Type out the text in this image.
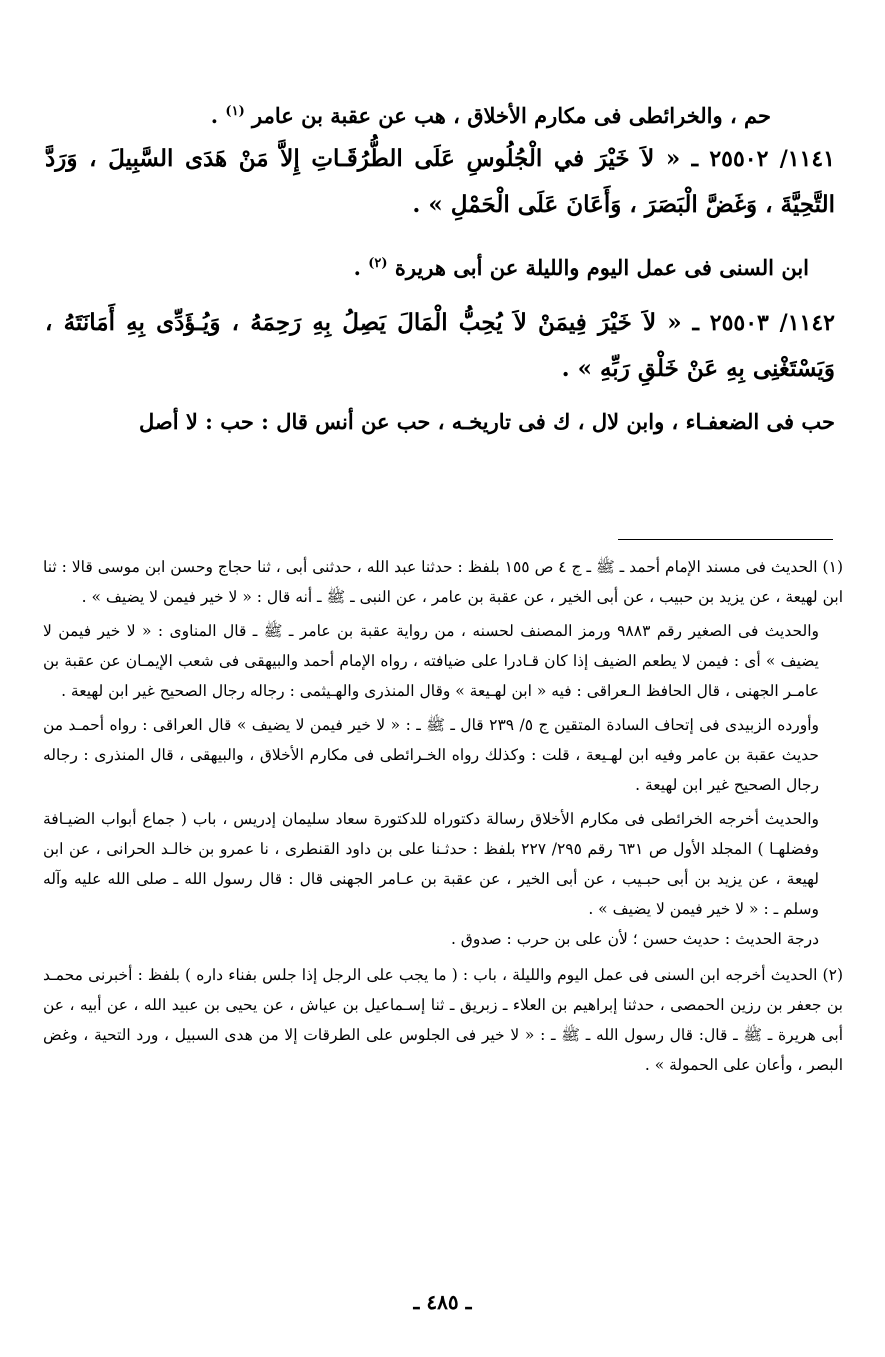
حم ، والخرائطى فى مكارم الأخلاق ، هب عن عقبة بن عامر $^{(١)}$ .

١١٤١/ ٢٥٥٠٢ ـ « لاَ خَيْرَ في الْجُلُوسِ عَلَى الطُّرُقَـاتِ إِلاَّ مَنْ هَدَى السَّبِيلَ ، وَرَدَّ التَّحِيَّةَ ، وَغَضَّ الْبَصَرَ ، وَأَعَانَ عَلَى الْحَمْلِ » .

ابن السنى فى عمل اليوم والليلة عن أبى هريرة $^{(٢)}$ .

١١٤٢/ ٢٥٥٠٣ ـ « لاَ خَيْرَ فِيمَنْ لاَ يُحِبُّ الْمَالَ يَصِلُ بِهِ رَحِمَهُ ، وَيُـؤَدِّى بِهِ أَمَانَتَهُ ، وَيَسْتَغْنِى بِهِ عَنْ خَلْقِ رَبِّهِ » .

حب فى الضعفـاء ، وابن لال ، ك فى تاريخـه ، حب عن أنس قال : حب : لا أصل

(١) الحديث فى مسند الإمام أحمد ـ ﷺ ـ ج ٤ ص ١٥٥ بلفظ : حدثنا عبد الله ، حدثنى أبى ، ثنا حجاج وحسن ابن موسى قالا : ثنا ابن لهيعة ، عن يزيد بن حبيب ، عن أبى الخير ، عن عقبة بن عامر ، عن النبى ـ ﷺ ـ أنه قال : « لا خير فيمن لا يضيف » .

والحديث فى الصغير رقم ٩٨٨٣ ورمز المصنف لحسنه ، من رواية عقبة بن عامر ـ ﷺ ـ قال المناوى : « لا خير فيمن لا يضيف » أى : فيمن لا يطعم الضيف إذا كان قـادرا على ضيافته ، رواه الإمام أحمد والبيهقى فى شعب الإيمـان عن عقبة بن عامـر الجهنى ، قال الحافظ الـعراقى : فيه « ابن لهـيعة » وقال المنذرى والهـيثمى : رجاله رجال الصحيح غير ابن لهيعة .

وأورده الزبيدى فى إتحاف السادة المتقين ج ٥/ ٢٣٩ قال ـ ﷺ ـ : « لا خير فيمن لا يضيف » قال العراقى : رواه أحمـد من حديث عقبة بن عامر وفيه ابن لهـيعة ، قلت : وكذلك رواه الخـرائطى فى مكارم الأخلاق ، والبيهقى ، قال المنذرى : رجاله رجال الصحيح غير ابن لهيعة .

والحديث أخرجه الخرائطى فى مكارم الأخلاق رسالة دكتوراه للدكتورة سعاد سليمان إدريس ، باب ( جماع أبواب الضيـافة وفضلهـا ) المجلد الأول ص ٦٣١ رقم ٢٩٥/ ٢٢٧ بلفظ : حدثـنا على بن داود القنطرى ، نا عمرو بن خالـد الحرانى ، عن ابن لهيعة ، عن يزيد بن أبى حبـيب ، عن أبى الخير ، عن عقبة بن عـامر الجهنى قال : قال رسول الله ـ صلى الله عليه وآله وسلم ـ : « لا خير فيمن لا يضيف » .

درجة الحديث : حديث حسن ؛ لأن على بن حرب : صدوق .

(٢) الحديث أخرجه ابن السنى فى عمل اليوم والليلة ، باب : ( ما يجب على الرجل إذا جلس بفناء داره ) بلفظ : أخبرنى محمـد بن جعفر بن رزين الحمصى ، حدثنا إبراهيم بن العلاء ـ زبريق ـ ثنا إسـماعيل بن عياش ، عن يحيى بن عبيد الله ، عن أبيه ، عن أبى هريرة ـ ﷺ ـ قال: قال رسول الله ـ ﷺ ـ : « لا خير فى الجلوس على الطرقات إلا من هدى السبيل ، ورد التحية ، وغض البصر ، وأعان على الحمولة » .

ـ ٤٨٥ ـ
